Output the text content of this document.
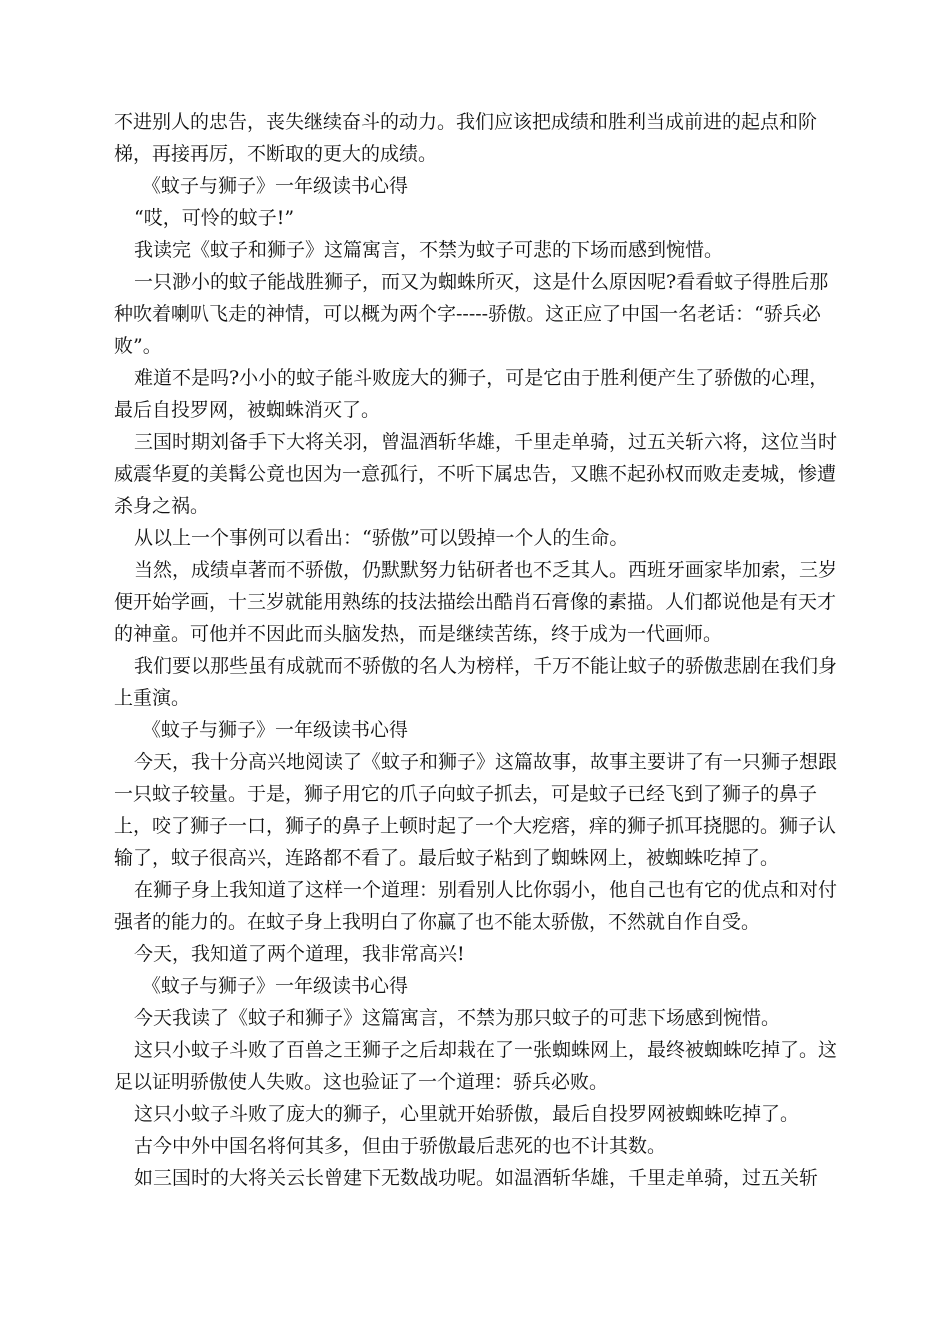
不进别人的忠告，丧失继续奋斗的动力。我们应该把成绩和胜利当成前进的起点和阶梯，再接再厉，不断取的更大的成绩。

《蚊子与狮子》一年级读书心得

“哎，可怜的蚊子!”

我读完《蚊子和狮子》这篇寓言，不禁为蚊子可悲的下场而感到惋惜。

一只渺小的蚊子能战胜狮子，而又为蜘蛛所灭，这是什么原因呢?看看蚊子得胜后那种吹着喇叭飞走的神情，可以概为两个字-----骄傲。这正应了中国一名老话：“骄兵必败”。

难道不是吗?小小的蚊子能斗败庞大的狮子，可是它由于胜利便产生了骄傲的心理，最后自投罗网，被蜘蛛消灭了。

三国时期刘备手下大将关羽，曾温酒斩华雄，千里走单骑，过五关斩六将，这位当时威震华夏的美髯公竟也因为一意孤行，不听下属忠告，又瞧不起孙权而败走麦城，惨遭杀身之祸。

从以上一个事例可以看出：“骄傲”可以毁掉一个人的生命。

当然，成绩卓著而不骄傲，仍默默努力钻研者也不乏其人。西班牙画家毕加索，三岁便开始学画，十三岁就能用熟练的技法描绘出酷肖石膏像的素描。人们都说他是有天才的神童。可他并不因此而头脑发热，而是继续苦练，终于成为一代画师。

我们要以那些虽有成就而不骄傲的名人为榜样，千万不能让蚊子的骄傲悲剧在我们身上重演。

《蚊子与狮子》一年级读书心得

今天，我十分高兴地阅读了《蚊子和狮子》这篇故事，故事主要讲了有一只狮子想跟一只蚊子较量。于是，狮子用它的爪子向蚊子抓去，可是蚊子已经飞到了狮子的鼻子上，咬了狮子一口，狮子的鼻子上顿时起了一个大疙瘩，痒的狮子抓耳挠腮的。狮子认输了，蚊子很高兴，连路都不看了。最后蚊子粘到了蜘蛛网上，被蜘蛛吃掉了。

在狮子身上我知道了这样一个道理：别看别人比你弱小，他自己也有它的优点和对付强者的能力的。在蚊子身上我明白了你赢了也不能太骄傲，不然就自作自受。

今天，我知道了两个道理，我非常高兴!

《蚊子与狮子》一年级读书心得

今天我读了《蚊子和狮子》这篇寓言，不禁为那只蚊子的可悲下场感到惋惜。

这只小蚊子斗败了百兽之王狮子之后却栽在了一张蜘蛛网上，最终被蜘蛛吃掉了。这足以证明骄傲使人失败。这也验证了一个道理：骄兵必败。

这只小蚊子斗败了庞大的狮子，心里就开始骄傲，最后自投罗网被蜘蛛吃掉了。

古今中外中国名将何其多，但由于骄傲最后悲死的也不计其数。

如三国时的大将关云长曾建下无数战功呢。如温酒斩华雄，千里走单骑，过五关斩
